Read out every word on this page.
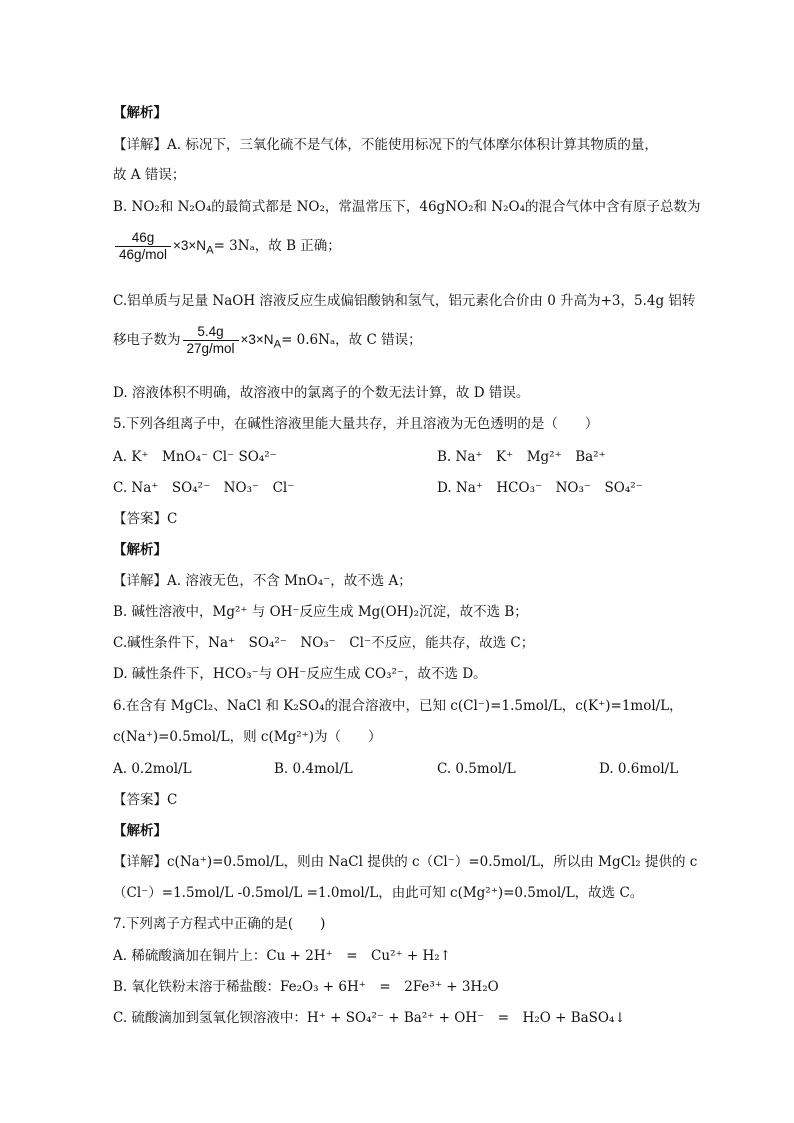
【解析】
【详解】A. 标况下，三氧化硫不是气体，不能使用标况下的气体摩尔体积计算其物质的量，
故 A 错误；
B. NO₂和 N₂O₄的最简式都是 NO₂，常温常压下，46gNO₂和 N₂O₄的混合气体中含有原子总数为
$\frac{46g}{\text{46g/mol}} \times 3\times N_A= 3N_a$，故 B 正确；
C.铝单质与足量 NaOH 溶液反应生成偏铝酸钠和氢气，铝元素化合价由 0 升高为+3，5.4g 铝转
移电子数为 $\frac{5.4g}{\text{27g/mol}} \times 3\times N_A= 0.6N_a$，故 C 错误；
D. 溶液体积不明确，故溶液中的氯离子的个数无法计算，故 D 错误。
5.下列各组离子中，在碱性溶液里能大量共存，并且溶液为无色透明的是（　　）
A. K⁺　MnO₄⁻ Cl⁻ SO₄²⁻	B. Na⁺　K⁺　Mg²⁺　Ba²⁺
C. Na⁺　SO₄²⁻　NO₃⁻　Cl⁻	D. Na⁺　HCO₃⁻　NO₃⁻　SO₄²⁻
【答案】C
【解析】
【详解】A. 溶液无色，不含 MnO₄⁻，故不选 A；
B. 碱性溶液中，Mg²⁺ 与 OH⁻反应生成 Mg(OH)₂沉淀，故不选 B；
C.碱性条件下，Na⁺　SO₄²⁻　NO₃⁻　Cl⁻不反应，能共存，故选 C；
D. 碱性条件下，HCO₃⁻与 OH⁻反应生成 CO₃²⁻，故不选 D。
6.在含有 MgCl₂、NaCl 和 K₂SO₄的混合溶液中，已知 c(Cl⁻)=1.5mol/L，c(K⁺)=1mol/L，
c(Na⁺)=0.5mol/L，则 c(Mg²⁺)为（　　）
A. 0.2mol/L	B. 0.4mol/L	C. 0.5mol/L	D. 0.6mol/L
【答案】C
【解析】
【详解】c(Na⁺)=0.5mol/L，则由 NaCl 提供的 c（Cl⁻）=0.5mol/L，所以由 MgCl₂ 提供的 c
（Cl⁻）=1.5mol/L -0.5mol/L =1.0mol/L，由此可知 c(Mg²⁺)=0.5mol/L，故选 C。
7.下列离子方程式中正确的是(　　)
A. 稀硫酸滴加在铜片上：Cu + 2H⁺　=　Cu²⁺ + H₂↑
B. 氧化铁粉末溶于稀盐酸：Fe₂O₃ + 6H⁺　=　2Fe³⁺ + 3H₂O
C. 硫酸滴加到氢氧化钡溶液中：H⁺ + SO₄²⁻ + Ba²⁺ + OH⁻　=　H₂O + BaSO₄↓
